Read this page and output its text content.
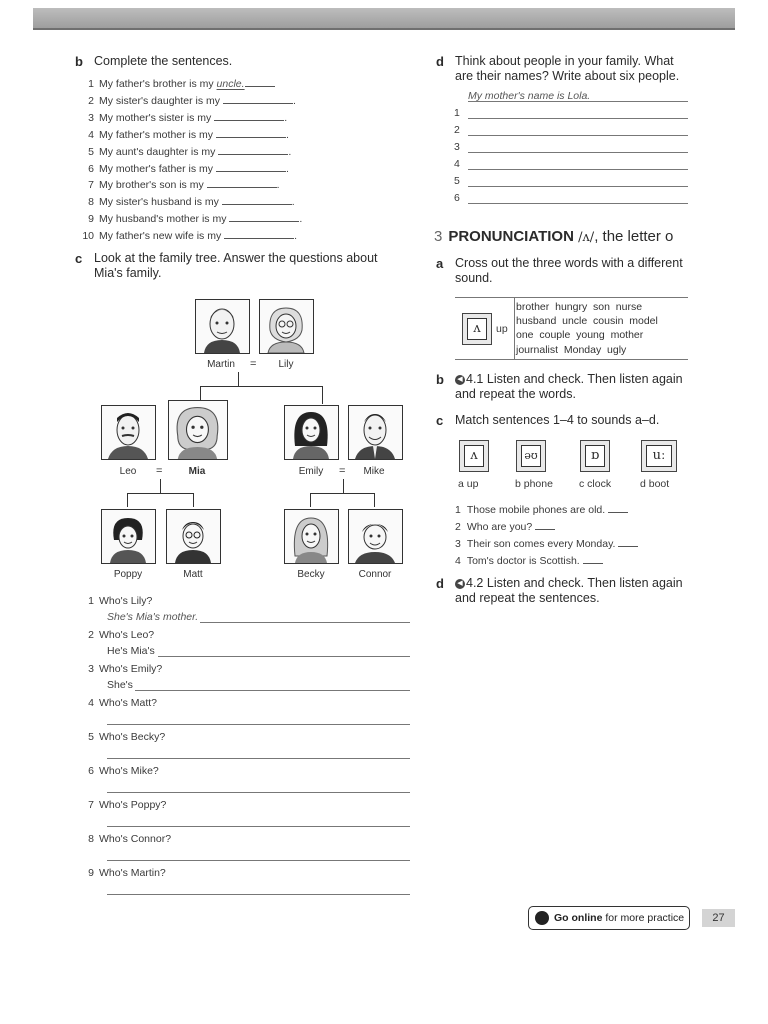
b Complete the sentences.
1 My father's brother is my uncle.
2 My sister's daughter is my	.
3 My mother's sister is my	.
4 My father's mother is my	.
5 My aunt's daughter is my	.
6 My mother's father is my	.
7 My brother's son is my	.
8 My sister's husband is my	.
9 My husband's mother is my	.
10 My father's new wife is my	.
c Look at the family tree. Answer the questions about
Mia's family.
Martin	=	Lily
Leo	=	Mia	Emily	=	Mike
Poppy	Matt	Becky	Connor
1 Who's Lily?
She's Mia's mother.
2 Who's Leo?
He's Mia's
3 Who's Emily?
She's
4 Who's Matt?
5 Who's Becky?
6 Who's Mike?
7 Who's Poppy?
8 Who's Connor?
9 Who's Martin?
d Think about people in your family. What
are their names? Write about six people.
My mother's name is Lola.
1
2
3
4
5
6
3 PRONUNCIATION /ʌ/, the letter o
a Cross out the three words with a different
sound.
ʌ	up
brother  hungry  son  nurse
husband  uncle  cousin  model
one  couple  young  mother
journalist  Monday  ugly
b	◀ 4.1 Listen and check. Then listen again
and repeat the words.
c Match sentences 1–4 to sounds a–d.
ʌ
a up
əʊ
b phone
ɒ
c clock
uː
d boot
1 Those mobile phones are old.
2 Who are you?
3 Their son comes every Monday.
4 Tom's doctor is Scottish.
d	◀ 4.2 Listen and check. Then listen again
and repeat the sentences.
Go online for more practice	27
